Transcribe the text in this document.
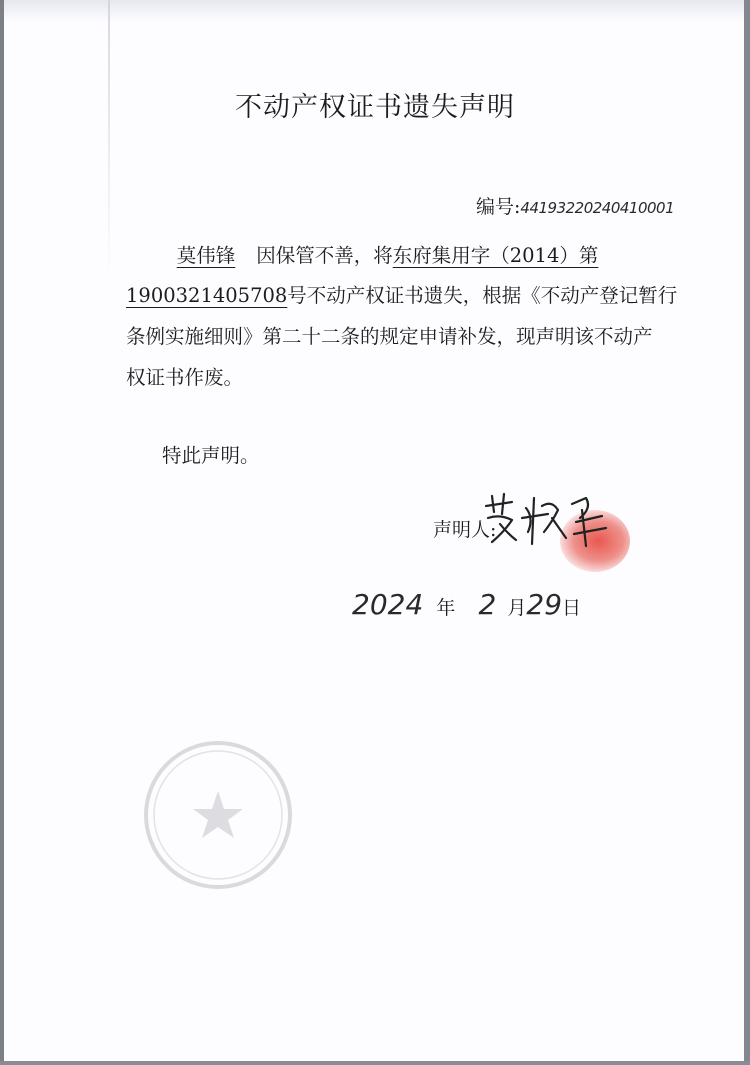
不动产权证书遗失声明
编号:44193220240410001
莫伟锋 因保管不善，将东府集用字（2014）第
1900321405708号不动产权证书遗失，根据《不动产登记暂行
条例实施细则》第二十二条的规定申请补发，现声明该不动产
权证书作废。
特此声明。
声明人:
2024 年 2 月29日
